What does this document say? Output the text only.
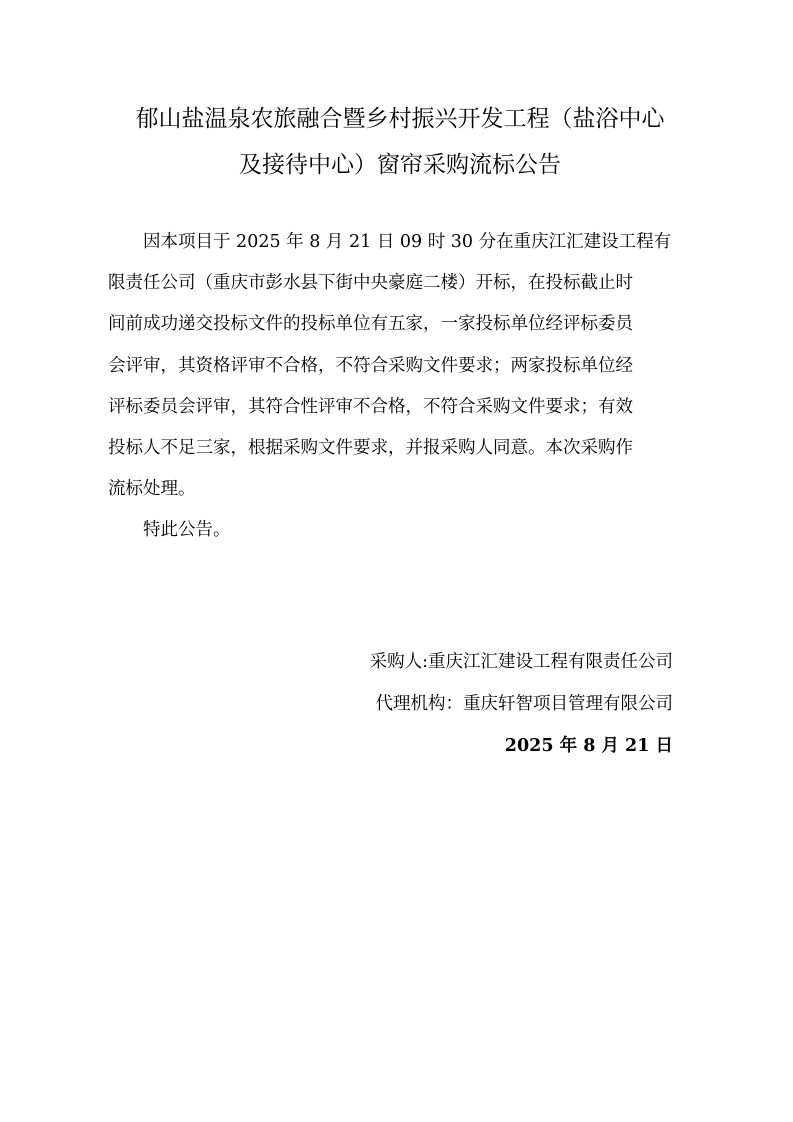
郁山盐温泉农旅融合暨乡村振兴开发工程（盐浴中心
及接待中心）窗帘采购流标公告
因本项目于 2025 年 8 月 21 日 09 时 30 分在重庆江汇建设工程有
限责任公司（重庆市彭水县下街中央豪庭二楼）开标，在投标截止时
间前成功递交投标文件的投标单位有五家，一家投标单位经评标委员
会评审，其资格评审不合格，不符合采购文件要求；两家投标单位经
评标委员会评审，其符合性评审不合格，不符合采购文件要求；有效
投标人不足三家，根据采购文件要求，并报采购人同意。本次采购作
流标处理。

特此公告。

采购人:重庆江汇建设工程有限责任公司
代理机构：重庆轩智项目管理有限公司
2025 年 8 月 21 日
